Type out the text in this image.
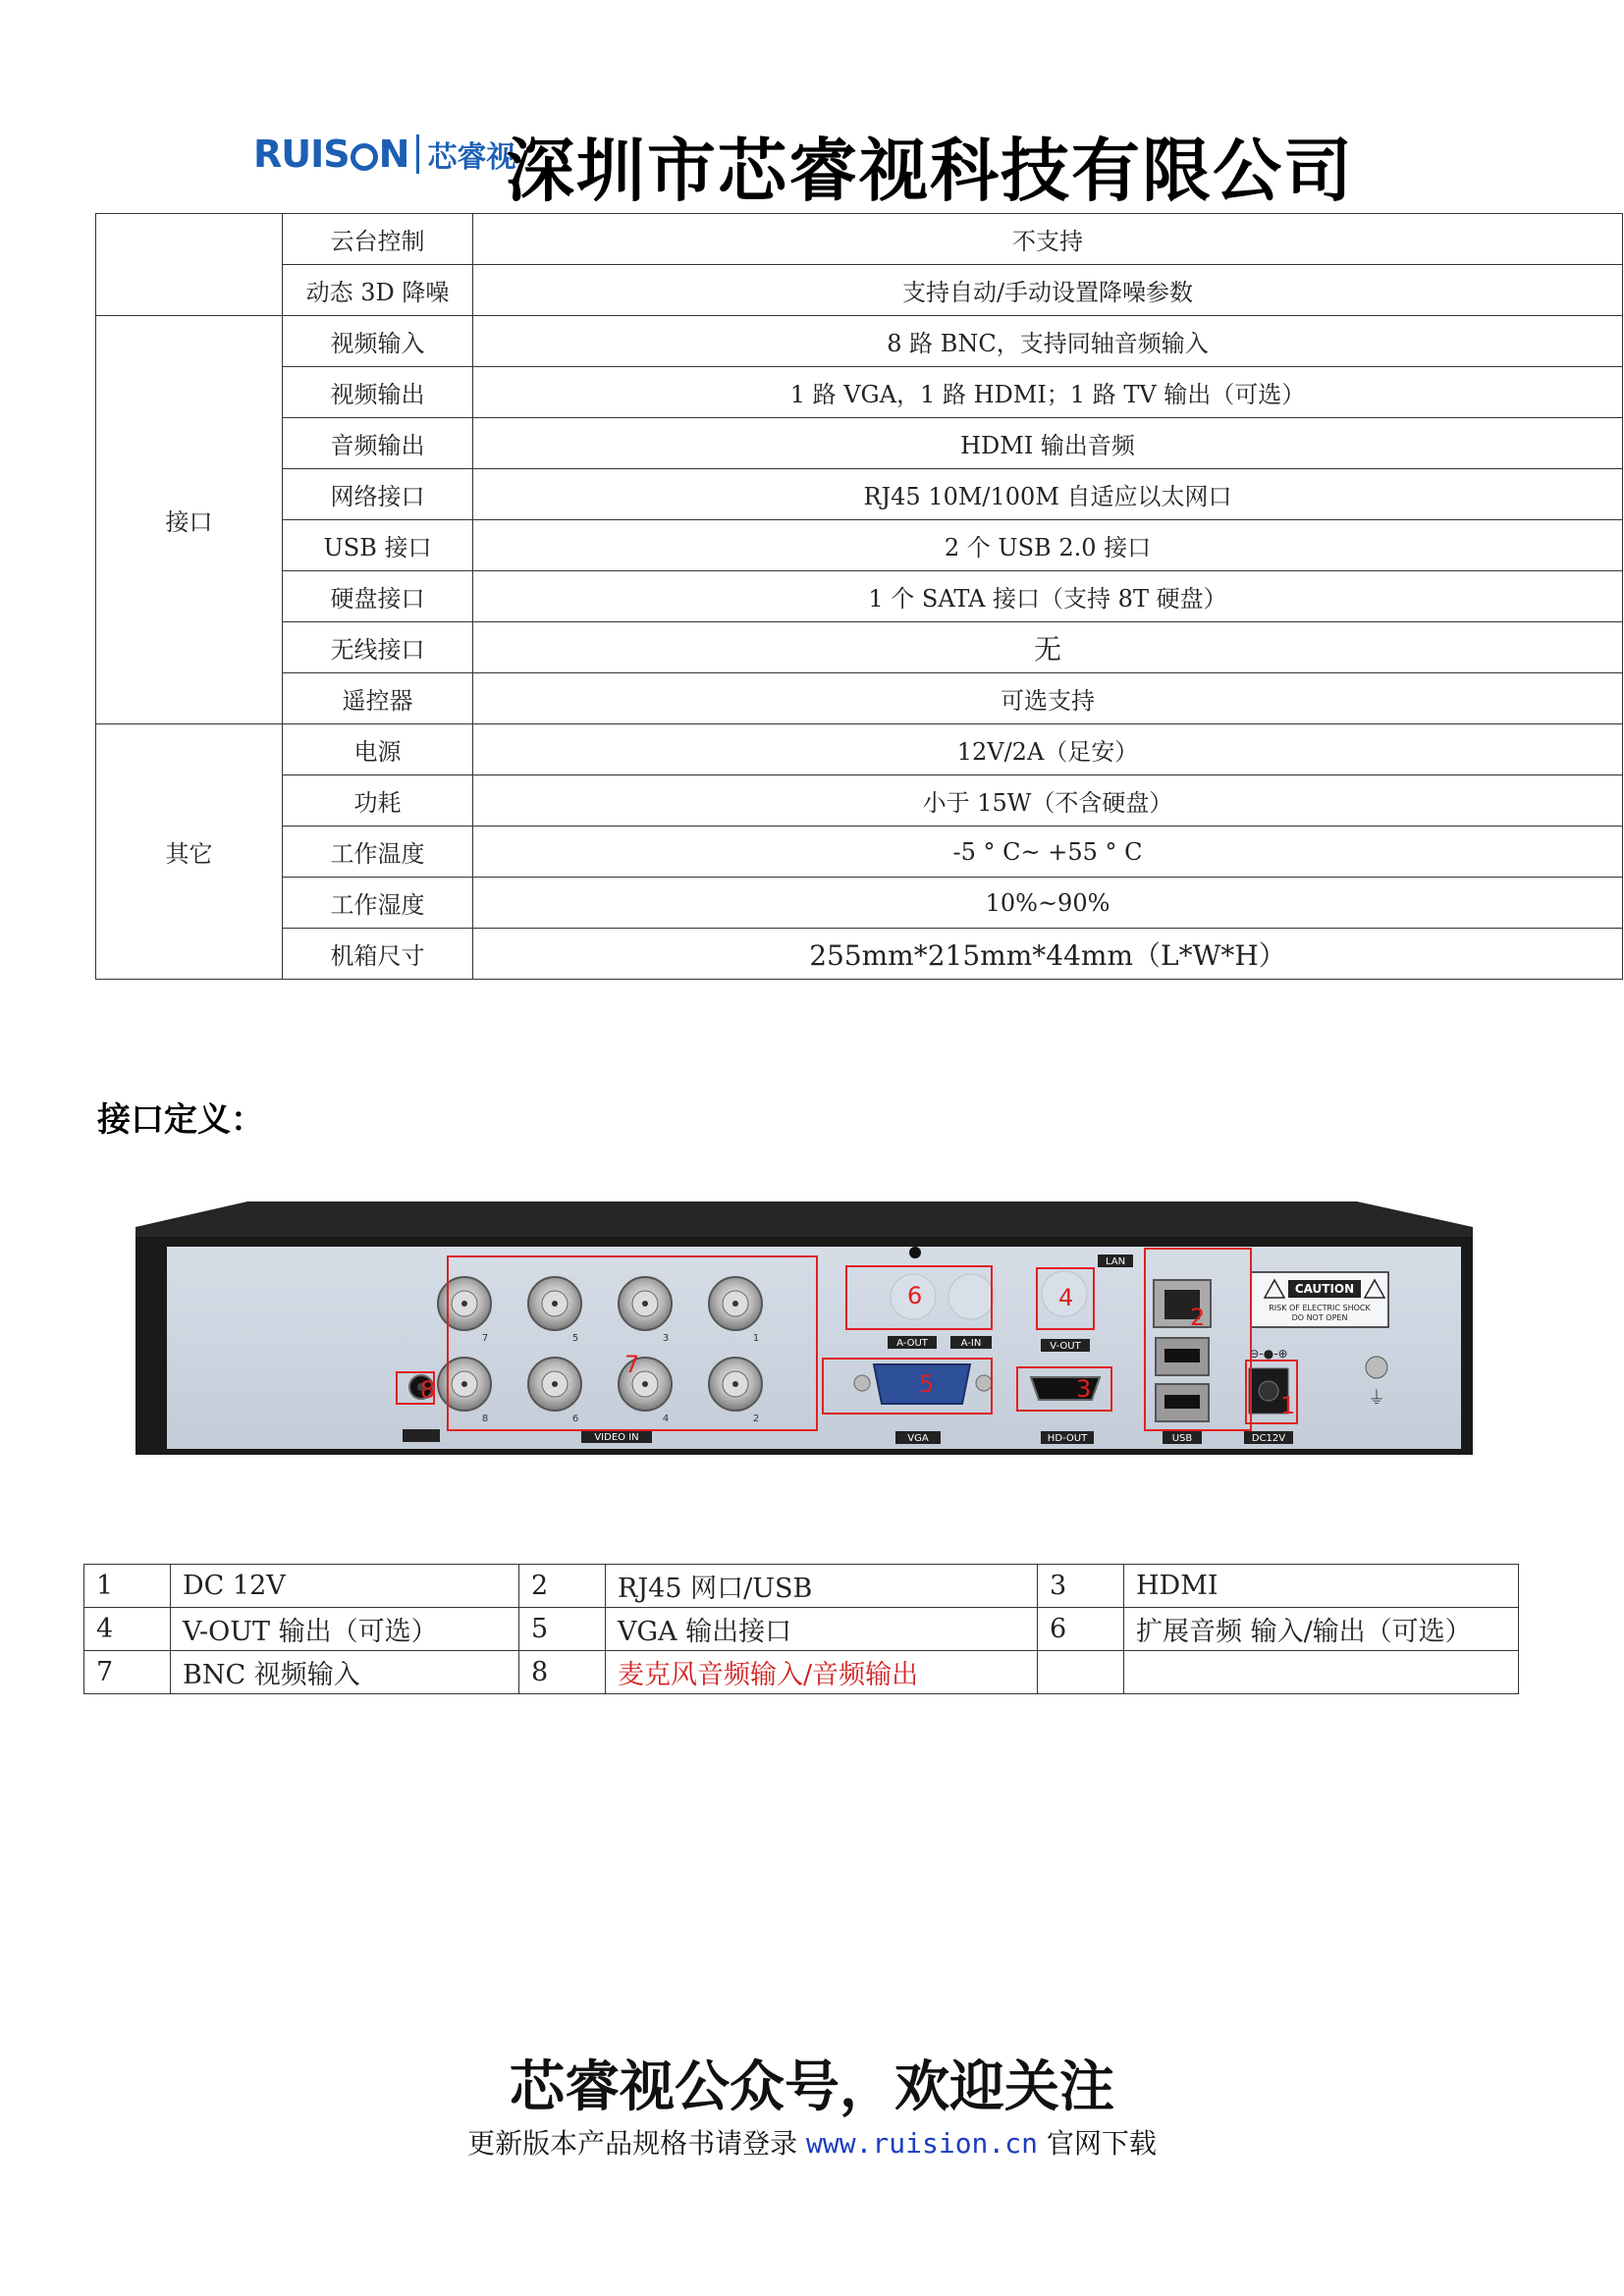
RUIS N 芯睿视
深圳市芯睿视科技有限公司
	云台控制	不支持
	动态 3D 降噪	支持自动/手动设置降噪参数
接口	视频输入	8 路 BNC，支持同轴音频输入
	视频输出	1 路 VGA，1 路 HDMI；1 路 TV 输出（可选）
	音频输出	HDMI 输出音频
	网络接口	RJ45 10M/100M 自适应以太网口
	USB 接口	2 个 USB 2.0 接口
	硬盘接口	1 个 SATA 接口（支持 8T 硬盘）
	无线接口	无
	遥控器	可选支持
其它	电源	12V/2A（足安）
	功耗	小于 15W（不含硬盘）
	工作温度	-5 ° C~ +55 ° C
	工作湿度	10%~90%
	机箱尺寸	255mm*215mm*44mm（L*W*H）
接口定义：
7	5	3	1
8	6	4	2
VIDEO IN
A-OUT	A-IN
VGA
V-OUT
HD-OUT
LAN
USB
⊖-●-⊕
DC12V
CAUTION
RISK OF ELECTRIC SHOCK
DO NOT OPEN
⏚
1
2
3
4
5
6
7
8
1	DC 12V	2	RJ45 网口/USB	3	HDMI
4	V-OUT 输出（可选）	5	VGA 输出接口	6	扩展音频 输入/输出（可选）
7	BNC 视频输入	8	麦克风音频输入/音频输出		
芯睿视公众号，欢迎关注
更新版本产品规格书请登录 www.ruision.cn 官网下载
